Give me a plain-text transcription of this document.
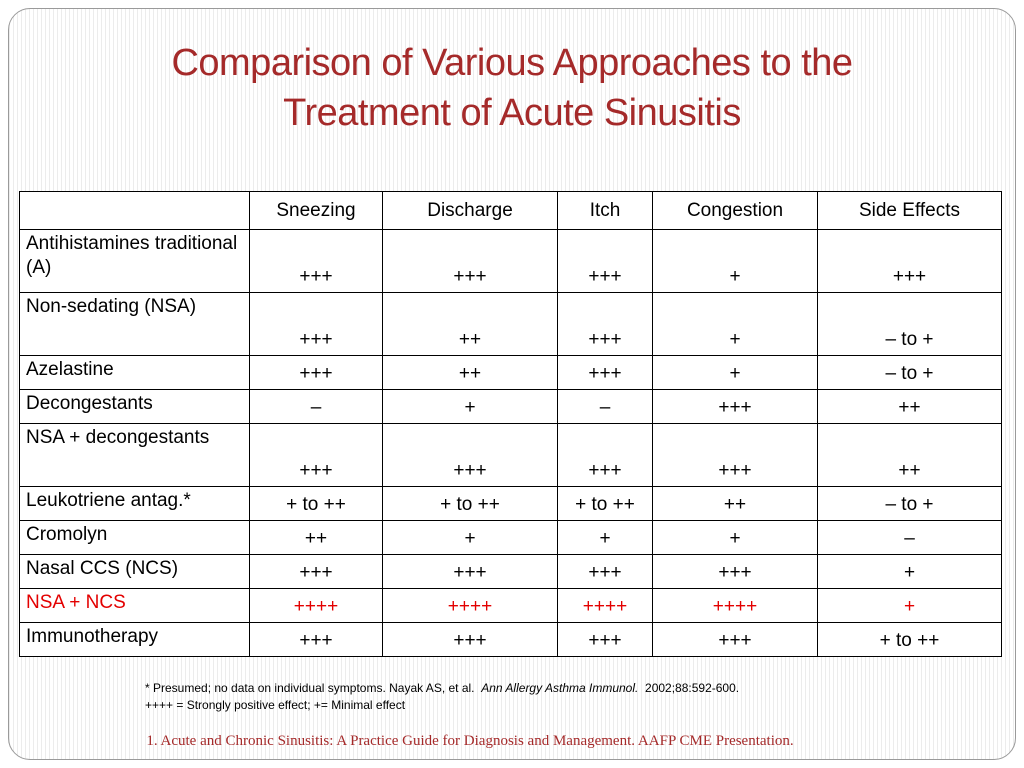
Comparison of Various Approaches to the
Treatment of Acute Sinusitis
	Sneezing	Discharge	Itch	Congestion	Side Effects
Antihistamines traditional (A)	+++	+++	+++	+	+++
Non-sedating (NSA)	+++	++	+++	+	– to +
Azelastine	+++	++	+++	+	– to +
Decongestants	–	+	–	+++	++
NSA + decongestants	+++	+++	+++	+++	++
Leukotriene antag.*	+ to ++	+ to ++	+ to ++	++	– to +
Cromolyn	++	+	+	+	–
Nasal CCS (NCS)	+++	+++	+++	+++	+
NSA + NCS	++++	++++	++++	++++	+
Immunotherapy	+++	+++	+++	+++	+ to ++
* Presumed; no data on individual symptoms. Nayak AS, et al. Ann Allergy Asthma Immunol. 2002;88:592-600.
++++ = Strongly positive effect; += Minimal effect
1. Acute and Chronic Sinusitis: A Practice Guide for Diagnosis and Management. AAFP CME Presentation.
